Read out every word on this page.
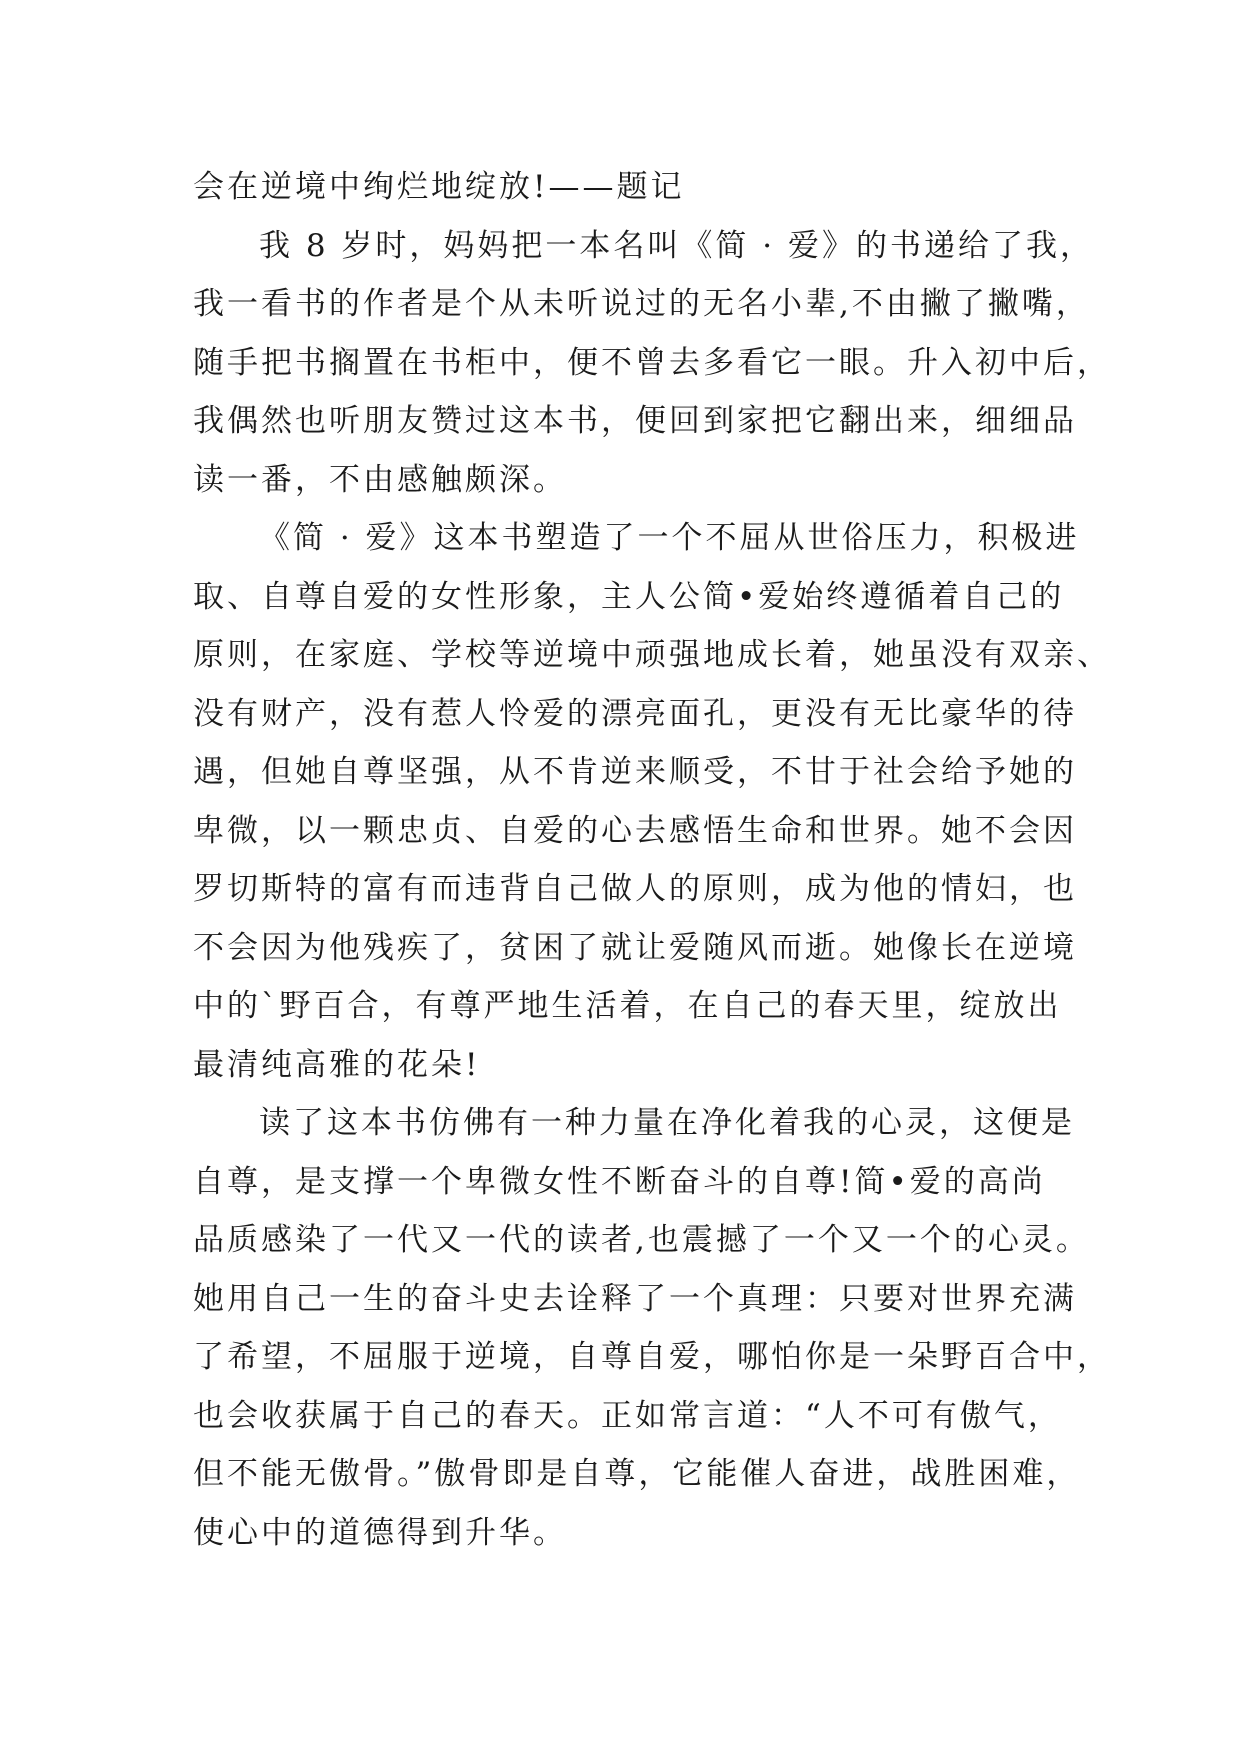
会在逆境中绚烂地绽放!——题记
我 8 岁时，妈妈把一本名叫《简 · 爱》的书递给了我，
我一看书的作者是个从未听说过的无名小辈,不由撇了撇嘴，
随手把书搁置在书柜中，便不曾去多看它一眼。升入初中后，
我偶然也听朋友赞过这本书，便回到家把它翻出来，细细品
读一番，不由感触颇深。
《简 · 爱》这本书塑造了一个不屈从世俗压力，积极进
取、自尊自爱的女性形象，主人公简•爱始终遵循着自己的
原则，在家庭、学校等逆境中顽强地成长着，她虽没有双亲、
没有财产，没有惹人怜爱的漂亮面孔，更没有无比豪华的待
遇，但她自尊坚强，从不肯逆来顺受，不甘于社会给予她的
卑微，以一颗忠贞、自爱的心去感悟生命和世界。她不会因
罗切斯特的富有而违背自己做人的原则，成为他的情妇，也
不会因为他残疾了，贫困了就让爱随风而逝。她像长在逆境
中的`野百合，有尊严地生活着，在自己的春天里，绽放出
最清纯高雅的花朵!
读了这本书仿佛有一种力量在净化着我的心灵，这便是
自尊，是支撑一个卑微女性不断奋斗的自尊!简•爱的高尚
品质感染了一代又一代的读者,也震撼了一个又一个的心灵。
她用自己一生的奋斗史去诠释了一个真理：只要对世界充满
了希望，不屈服于逆境，自尊自爱，哪怕你是一朵野百合中，
也会收获属于自己的春天。正如常言道：“人不可有傲气，
但不能无傲骨。”傲骨即是自尊，它能催人奋进，战胜困难，
使心中的道德得到升华。
